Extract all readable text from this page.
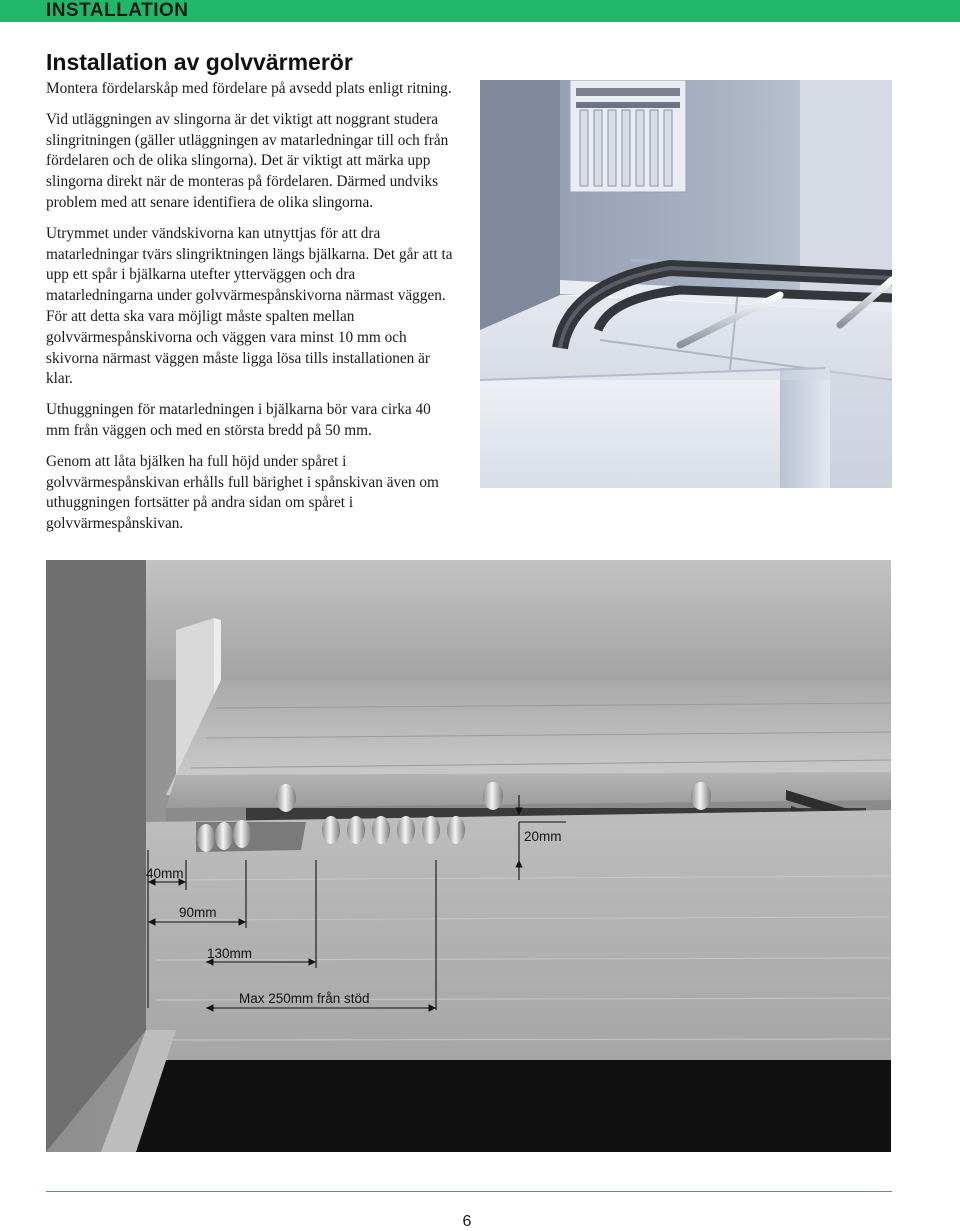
INSTALLATION
Installation av golvvärmerör

Montera fördelarskåp med fördelare på avsedd plats enligt ritning.

Vid utläggningen av slingorna är det viktigt att noggrant studera slingritningen (gäller utläggningen av matarledningar till och från fördelaren och de olika slingorna). Det är viktigt att märka upp slingorna direkt när de monteras på fördelaren. Därmed undviks problem med att senare identifiera de olika slingorna.

Utrymmet under vändskivorna kan utnyttjas för att dra matarledningar tvärs slingriktningen längs bjälkarna. Det går att ta upp ett spår i bjälkarna utefter ytterväggen och dra matarledningarna under golvvärmespånskivorna närmast väggen. För att detta ska vara möjligt måste spalten mellan golvvärmespånskivorna och väggen vara minst 10 mm och skivorna närmast väggen måste ligga lösa tills installationen är klar.

Uthuggningen för matarledningen i bjälkarna bör vara cirka 40 mm från väggen och med en största bredd på 50 mm.

Genom att låta bjälken ha full höjd under spåret i golvvärmespånskivan erhålls full bärighet i spånskivan även om uthuggningen fortsätter på andra sidan om spåret i golvvärmespånskivan.

20mm
40mm
90mm
130mm
Max 250mm från stöd
6
